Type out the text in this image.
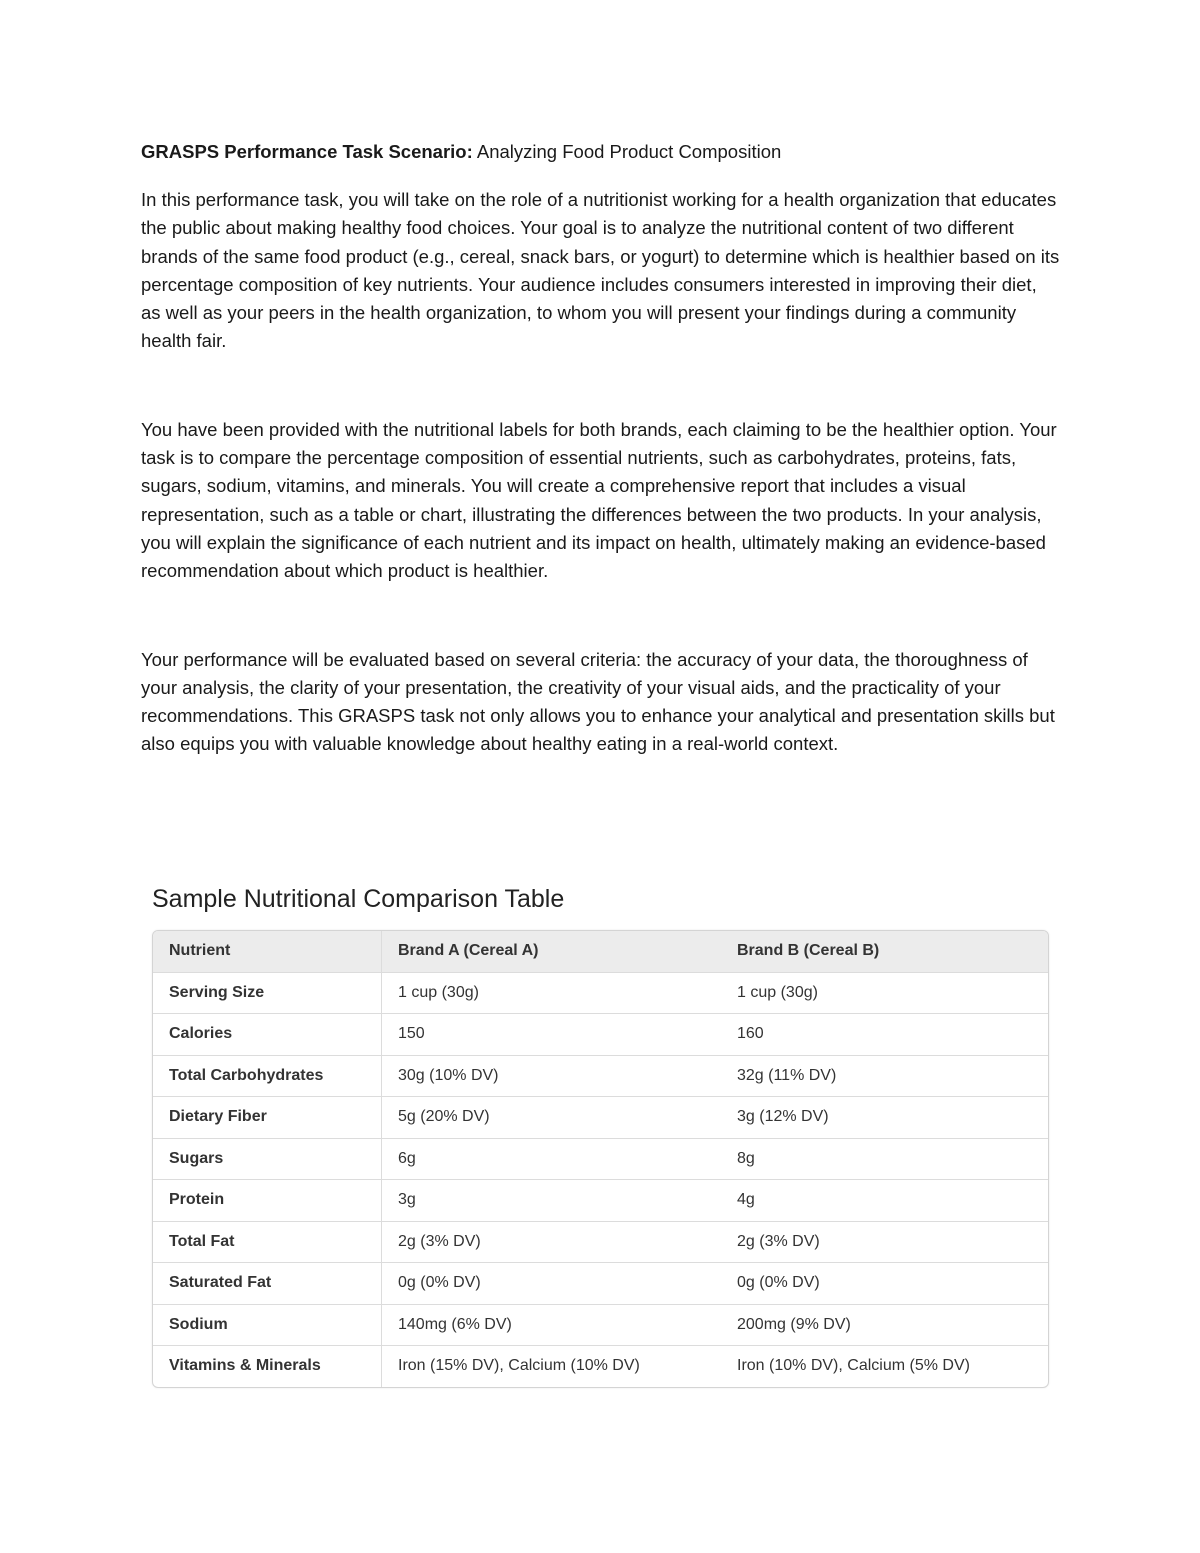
GRASPS Performance Task Scenario: Analyzing Food Product Composition

In this performance task, you will take on the role of a nutritionist working for a health organization that educates the public about making healthy food choices. Your goal is to analyze the nutritional content of two different brands of the same food product (e.g., cereal, snack bars, or yogurt) to determine which is healthier based on its percentage composition of key nutrients. Your audience includes consumers interested in improving their diet, as well as your peers in the health organization, to whom you will present your findings during a community health fair.

You have been provided with the nutritional labels for both brands, each claiming to be the healthier option. Your task is to compare the percentage composition of essential nutrients, such as carbohydrates, proteins, fats, sugars, sodium, vitamins, and minerals. You will create a comprehensive report that includes a visual representation, such as a table or chart, illustrating the differences between the two products. In your analysis, you will explain the significance of each nutrient and its impact on health, ultimately making an evidence-based recommendation about which product is healthier.

Your performance will be evaluated based on several criteria: the accuracy of your data, the thoroughness of your analysis, the clarity of your presentation, the creativity of your visual aids, and the practicality of your recommendations. This GRASPS task not only allows you to enhance your analytical and presentation skills but also equips you with valuable knowledge about healthy eating in a real-world context.

Sample Nutritional Comparison Table
Nutrient	Brand A (Cereal A)	Brand B (Cereal B)
Serving Size	1 cup (30g)	1 cup (30g)
Calories	150	160
Total Carbohydrates	30g (10% DV)	32g (11% DV)
Dietary Fiber	5g (20% DV)	3g (12% DV)
Sugars	6g	8g
Protein	3g	4g
Total Fat	2g (3% DV)	2g (3% DV)
Saturated Fat	0g (0% DV)	0g (0% DV)
Sodium	140mg (6% DV)	200mg (9% DV)
Vitamins & Minerals	Iron (15% DV), Calcium (10% DV)	Iron (10% DV), Calcium (5% DV)
